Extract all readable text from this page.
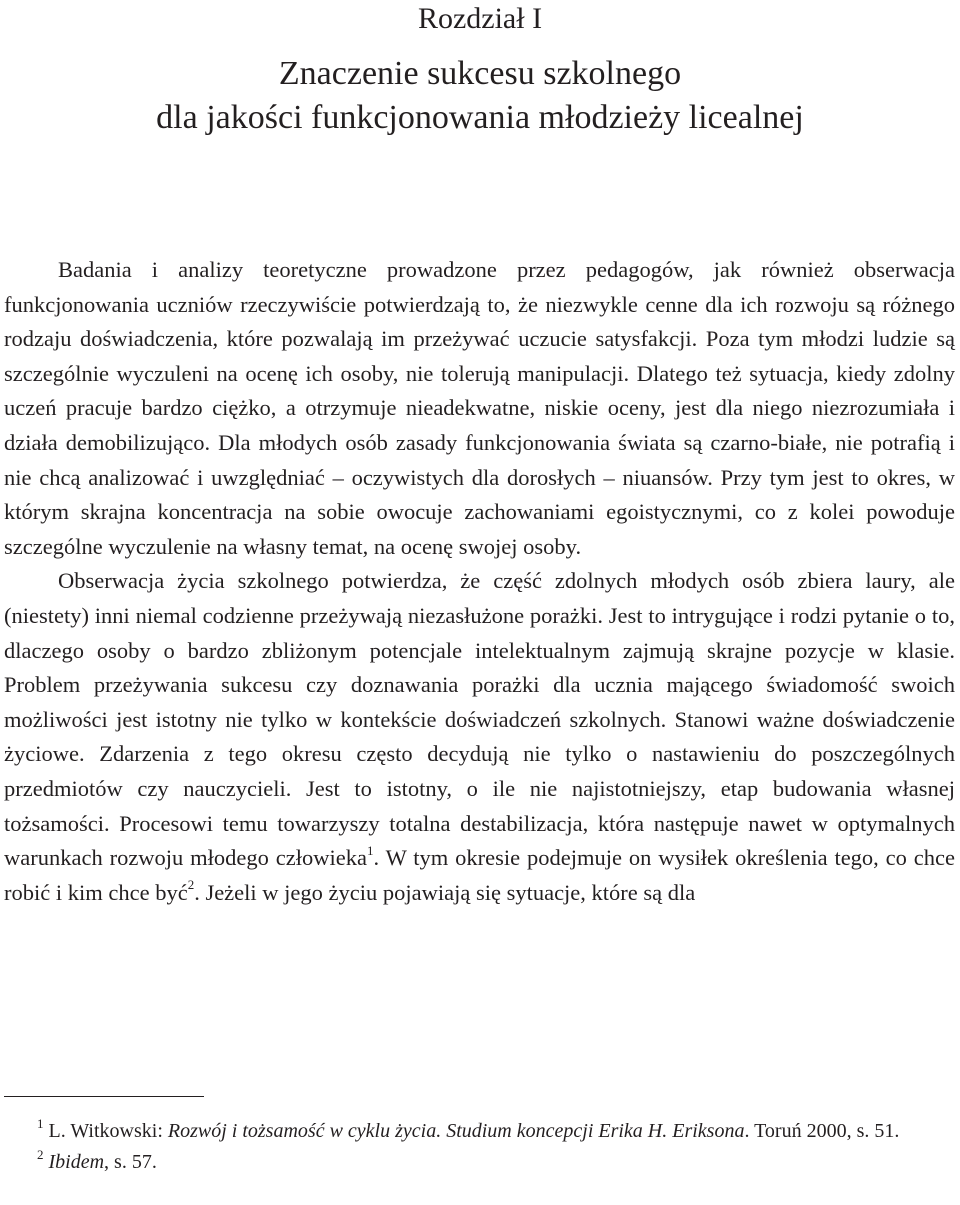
Rozdział I
Znaczenie sukcesu szkolnego
dla jakości funkcjonowania młodzieży licealnej

Badania i analizy teoretyczne prowadzone przez pedagogów, jak również obserwacja funkcjonowania uczniów rzeczywiście potwierdzają to, że niezwykle cenne dla ich rozwoju są różnego rodzaju doświadczenia, które pozwalają im przeżywać uczucie satysfakcji. Poza tym młodzi ludzie są szczególnie wyczuleni na ocenę ich osoby, nie tolerują manipulacji. Dlatego też sytuacja, kiedy zdolny uczeń pracuje bardzo ciężko, a otrzymuje nieadekwatne, niskie oceny, jest dla niego niezrozumiała i działa demobilizująco. Dla młodych osób zasady funkcjonowania świata są czarno-białe, nie potrafią i nie chcą analizować i uwzględniać – oczywistych dla dorosłych – niuansów. Przy tym jest to okres, w którym skrajna koncentracja na sobie owocuje zachowaniami egoistycznymi, co z kolei powoduje szczególne wyczulenie na własny temat, na ocenę swojej osoby.

Obserwacja życia szkolnego potwierdza, że część zdolnych młodych osób zbiera laury, ale (niestety) inni niemal codzienne przeżywają niezasłużone porażki. Jest to intrygujące i rodzi pytanie o to, dlaczego osoby o bardzo zbliżonym potencjale intelektualnym zajmują skrajne pozycje w klasie. Problem przeżywania sukcesu czy doznawania porażki dla ucznia mającego świadomość swoich możliwości jest istotny nie tylko w kontekście doświadczeń szkolnych. Stanowi ważne doświadczenie życiowe. Zdarzenia z tego okresu często decydują nie tylko o nastawieniu do poszczególnych przedmiotów czy nauczycieli. Jest to istotny, o ile nie najistotniejszy, etap budowania własnej tożsamości. Procesowi temu towarzyszy totalna destabilizacja, która następuje nawet w optymalnych warunkach rozwoju młodego człowieka$^1$. W tym okresie podejmuje on wysiłek określenia tego, co chce robić i kim chce być$^2$. Jeżeli w jego życiu pojawiają się sytuacje, które są dla

$^1$ L. Witkowski: Rozwój i tożsamość w cyklu życia. Studium koncepcji Erika H. Eriksona. Toruń 2000, s. 51.

$^2$ Ibidem, s. 57.
